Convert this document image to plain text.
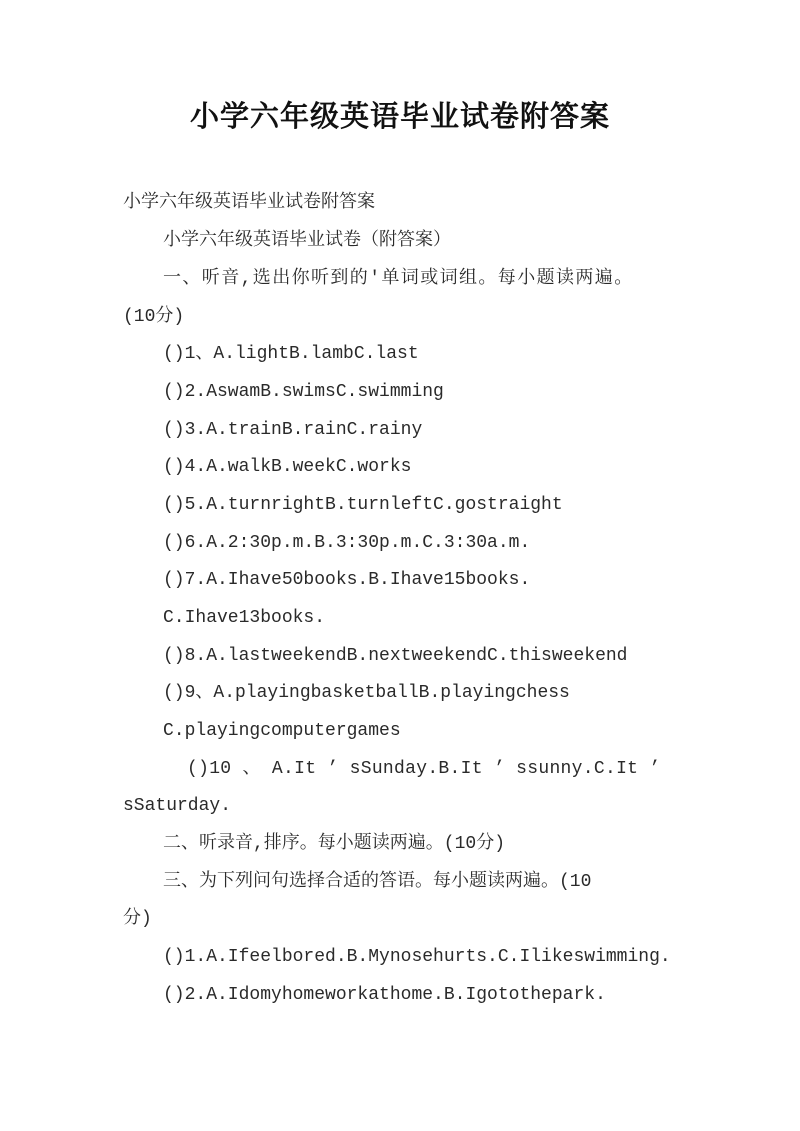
小学六年级英语毕业试卷附答案
小学六年级英语毕业试卷附答案
小学六年级英语毕业试卷（附答案）
一、听音,选出你听到的'单词或词组。每小题读两遍。
(10分)
()1、A.lightB.lambC.last
()2.AswamB.swimsC.swimming
()3.A.trainB.rainC.rainy
()4.A.walkB.weekC.works
()5.A.turnrightB.turnleftC.gostraight
()6.A.2:30p.m.B.3:30p.m.C.3:30a.m.
()7.A.Ihave50books.B.Ihave15books.
C.Ihave13books.
()8.A.lastweekendB.nextweekendC.thisweekend
()9、A.playingbasketballB.playingchess
C.playingcomputergames
()10 、 A.It ’ sSunday.B.It ’ ssunny.C.It ’
sSaturday.
二、听录音,排序。每小题读两遍。(10分)
三、为下列问句选择合适的答语。每小题读两遍。(10
分)
()1.A.Ifeelbored.B.Mynosehurts.C.Ilikeswimming.
()2.A.Idomyhomeworkathome.B.Igotothepark.
